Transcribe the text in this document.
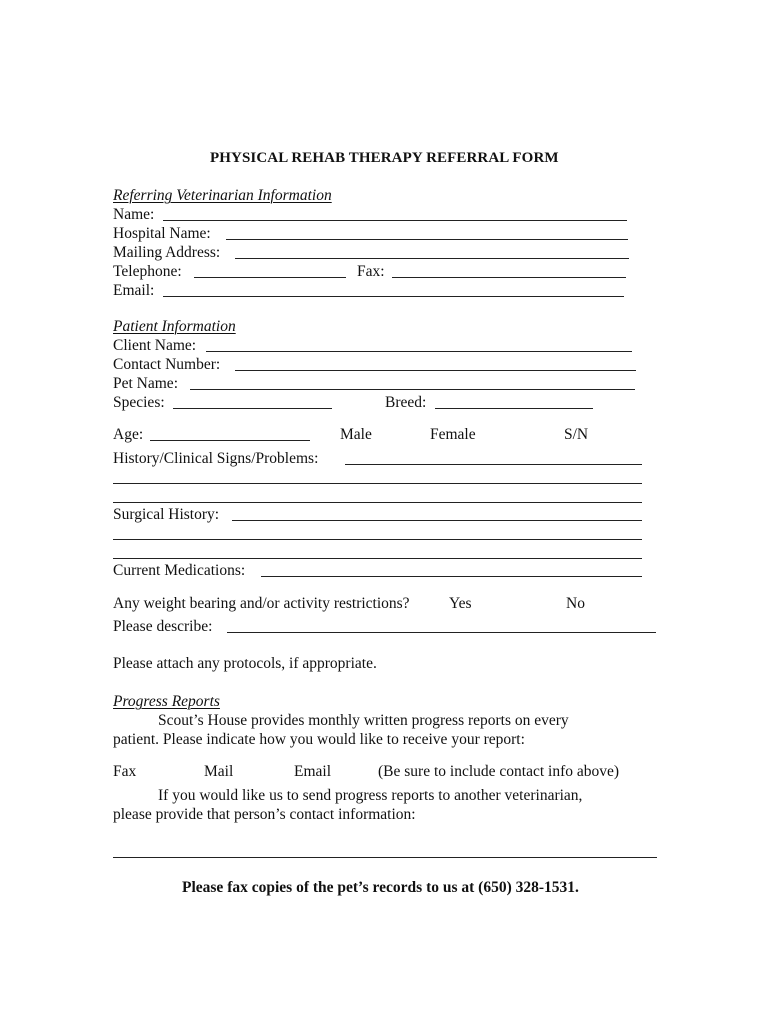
PHYSICAL REHAB THERAPY REFERRAL FORM
Referring Veterinarian Information
Name:
Hospital Name:
Mailing Address:
Telephone:	Fax:
Email:
Patient Information
Client Name:
Contact Number:
Pet Name:
Species:	Breed:
Age:	Male	Female	S/N
History/Clinical Signs/Problems:
Surgical History:
Current Medications:
Any weight bearing and/or activity restrictions?	Yes	No
Please describe:
Please attach any protocols, if appropriate.
Progress Reports
Scout’s House provides monthly written progress reports on every
patient. Please indicate how you would like to receive your report:
Fax	Mail	Email	(Be sure to include contact info above)
If you would like us to send progress reports to another veterinarian,
please provide that person’s contact information:
Please fax copies of the pet’s records to us at (650) 328-1531.
